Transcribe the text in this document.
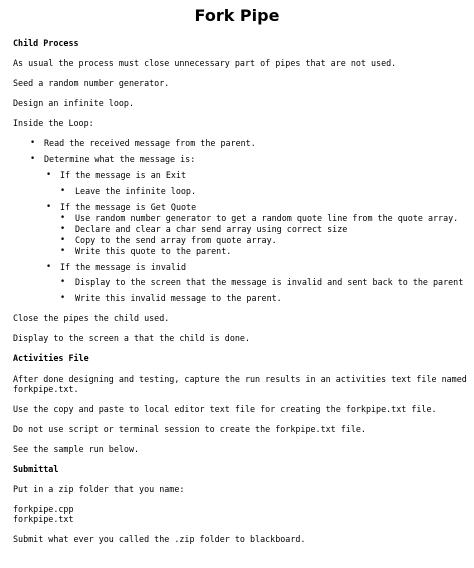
Fork Pipe
Child Process
As usual the process must close unnecessary part of pipes that are not used.
Seed a random number generator.
Design an infinite loop.
Inside the Loop:
• Read the received message from the parent.
• Determine what the message is:
• If the message is an Exit
• Leave the infinite loop.
• If the message is Get Quote
• Use random number generator to get a random quote line from the quote array.
• Declare and clear a char send array using correct size
• Copy to the send array from quote array.
• Write this quote to the parent.
• If the message is invalid
• Display to the screen that the message is invalid and sent back to the parent
• Write this invalid message to the parent.
Close the pipes the child used.
Display to the screen a that the child is done.
Activities File
After done designing and testing, capture the run results in an activities text file named
forkpipe.txt.
Use the copy and paste to local editor text file for creating the forkpipe.txt file.
Do not use script or terminal session to create the forkpipe.txt file.
See the sample run below.
Submittal
Put in a zip folder that you name:
forkpipe.cpp
forkpipe.txt
Submit what ever you called the .zip folder to blackboard.
